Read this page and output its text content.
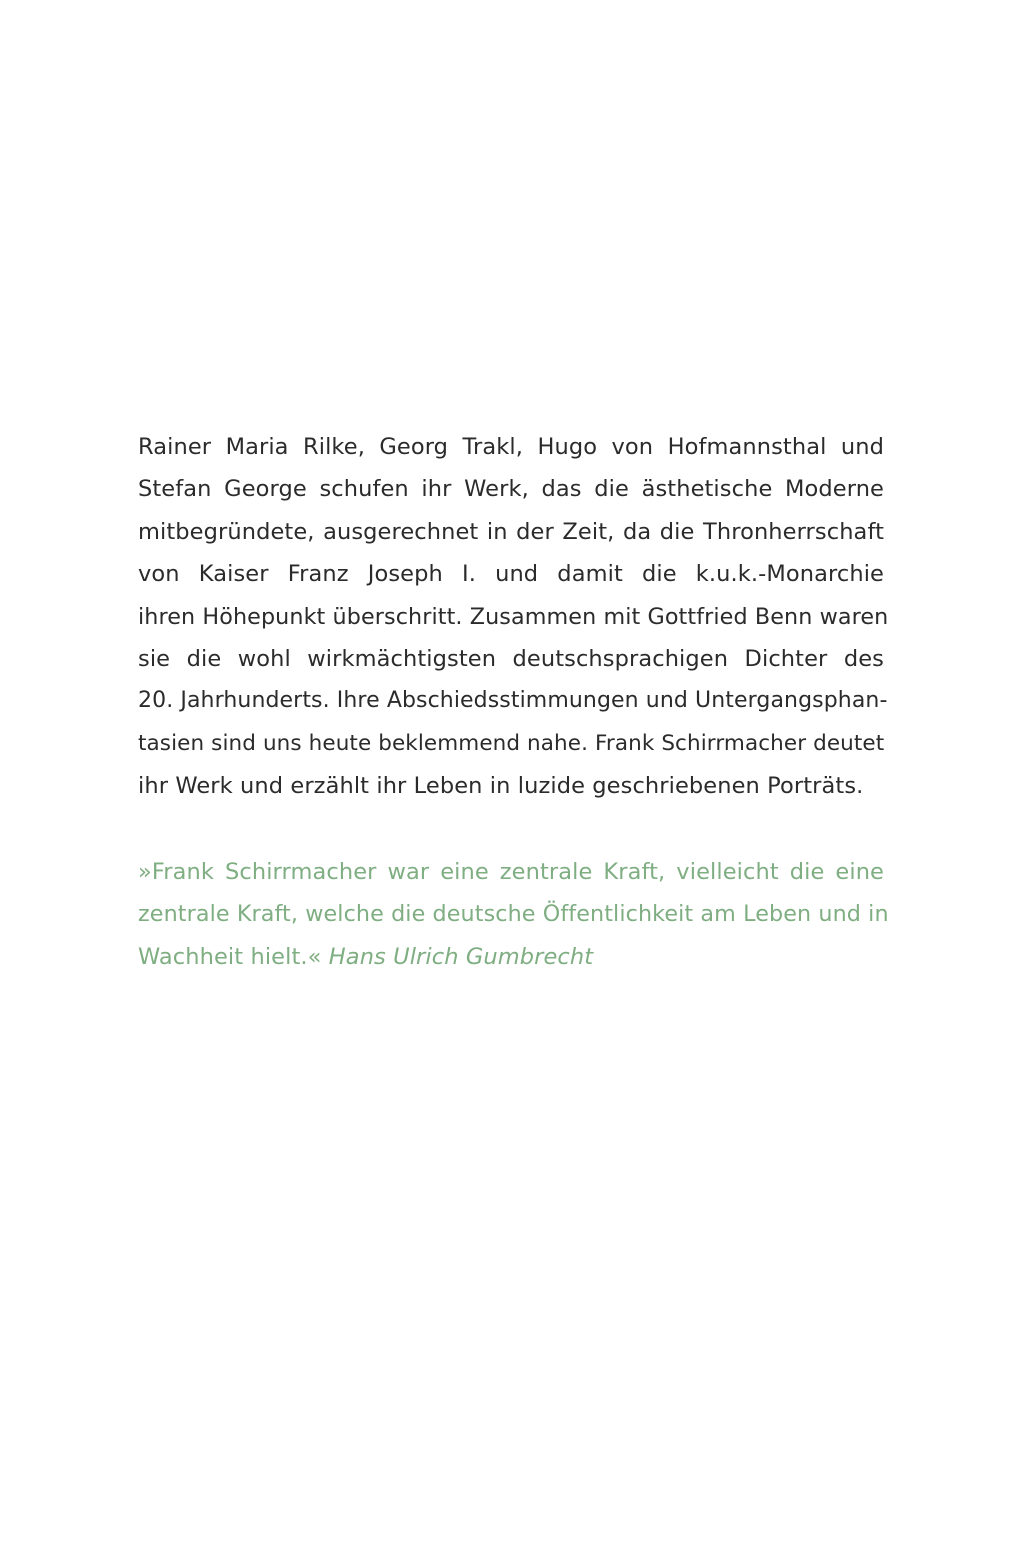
Rainer Maria Rilke, Georg Trakl, Hugo von Hofmannsthal und
Stefan George schufen ihr Werk, das die ästhetische Moderne
mitbegründete, ausgerechnet in der Zeit, da die Thronherrschaft
von Kaiser Franz Joseph I. und damit die k.u.k.-Monarchie
ihren Höhepunkt überschritt. Zusammen mit Gottfried Benn waren
sie die wohl wirkmächtigsten deutschsprachigen Dichter des
20. Jahrhunderts. Ihre Abschiedsstimmungen und Untergangsphan-
tasien sind uns heute beklemmend nahe. Frank Schirrmacher deutet
ihr Werk und erzählt ihr Leben in luzide geschriebenen Porträts.
»Frank Schirrmacher war eine zentrale Kraft, vielleicht die eine
zentrale Kraft, welche die deutsche Öffentlichkeit am Leben und in
Wachheit hielt.« Hans Ulrich Gumbrecht
